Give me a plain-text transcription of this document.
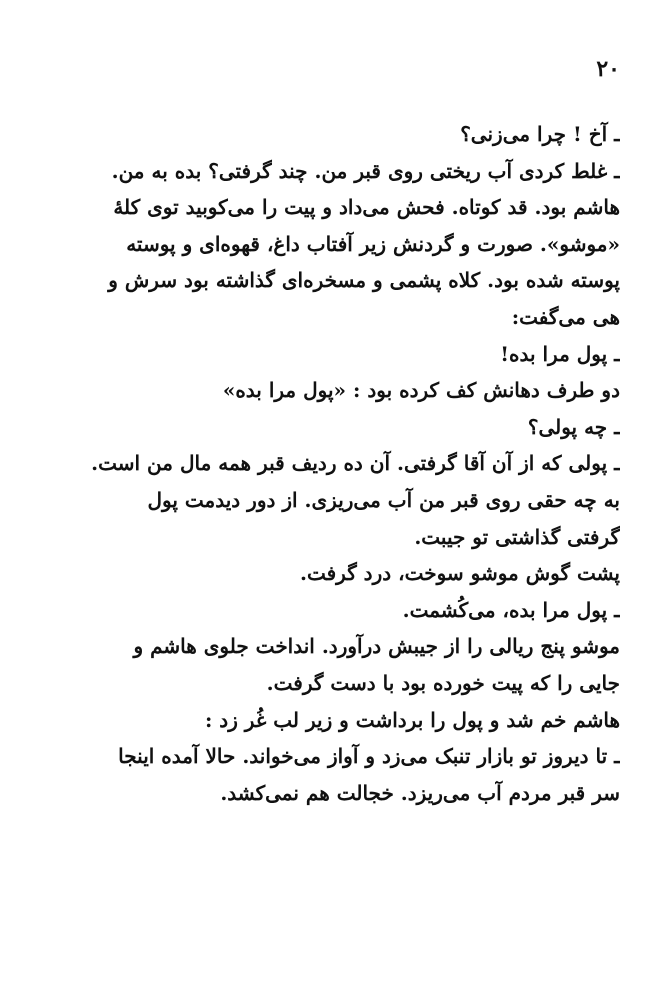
۲۰
ـ آخ ! چرا می‌زنی؟
ـ غلط کردی آب ریختی روی قبر من. چند گرفتی؟ بده به من.
هاشم بود. قد کوتاه. فحش می‌داد و پیت را می‌کوبید توی کلهٔ
«موشو». صورت و گردنش زیر آفتاب داغ، قهوه‌ای و پوسته
پوسته شده بود. کلاه پشمی و مسخره‌ای گذاشته بود سرش و
هی می‌گفت:
ـ پول مرا بده!
دو طرف دهانش کف کرده بود : «پول مرا بده»
ـ چه پولی؟
ـ پولی که از آن آقا گرفتی. آن ده ردیف قبر همه مال من است.
به چه حقی روی قبر من آب می‌ریزی. از دور دیدمت پول
گرفتی گذاشتی تو جیبت.
پشت گوش موشو سوخت، درد گرفت.
ـ پول مرا بده، می‌کُشمت.
موشو پنج ریالی را از جیبش درآورد. انداخت جلوی هاشم و
جایی را که پیت خورده بود با دست گرفت.
هاشم خم شد و پول را برداشت و زیر لب غُر زد :
ـ تا دیروز تو بازار تنبک می‌زد و آواز می‌خواند. حالا آمده اینجا
سر قبر مردم آب می‌ریزد. خجالت هم نمی‌کشد.
